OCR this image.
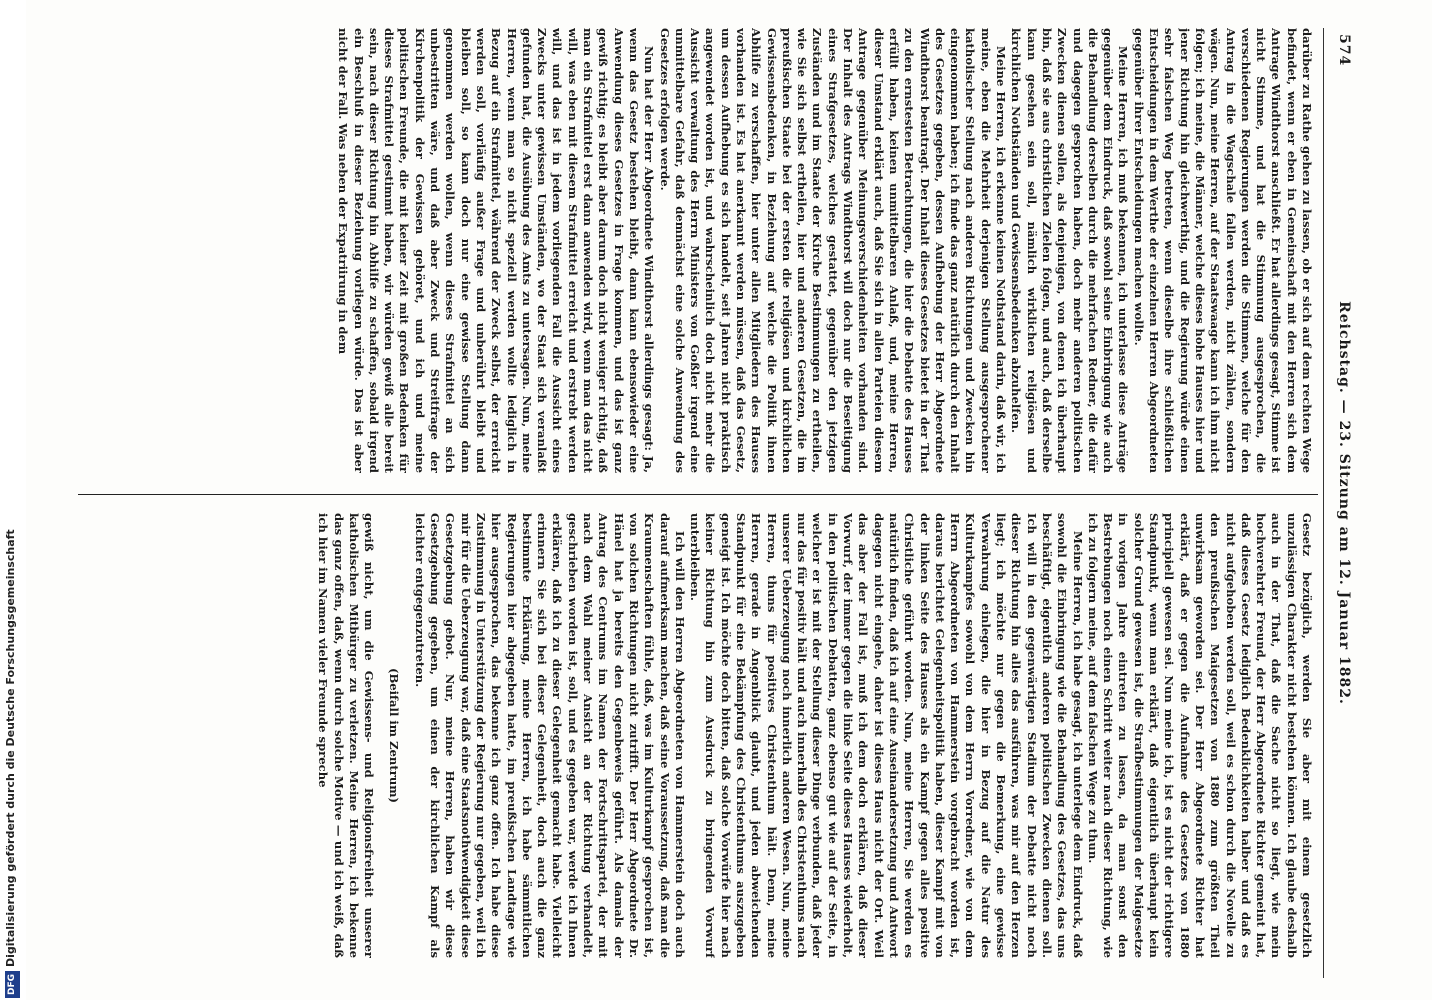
574
Reichstag. — 23. Sitzung am 12. Januar 1882.

darüber zu Rathe gehen zu lassen, ob er sich auf dem rechten Wege befindet, wenn er eben in Gemeinschaft mit den Herren sich dem Antrage Windthorst anschließt. Er hat allerdings gesagt, Stimme ist nicht Stimme, und hat die Stimmung ausgesprochen, die verschiedenen Regierungen werden die Stimmen, welche für den Antrag in die Wagschale fallen werden, nicht zählen, sondern wägen. Nun, meine Herren, auf der Staatswaage kann ich ihm nicht folgen; ich meine, die Männer, welche dieses hohe Hauses hier und jener Richtung hin gleichwerthig, und die Regierung würde einen sehr falschen Weg betreten, wenn dieselbe ihre schließlichen Entscheidungen in dem Werthe der einzelnen Herren Abgeordneten gegenüber ihrer Entscheidungen machen wollte.

Meine Herren, ich muß bekennen, ich unterlasse diese Anträge gegenüber dem Eindruck, daß sowohl seine Einbringung wie auch die Behandlung derselben durch die mehrfachen Redner, die dafür und dagegen gesprochen haben, doch mehr anderen politischen Zwecken dienen sollen, als denjenigen, von denen ich überhaupt bin, daß sie aus christlichen Zielen folgen, und auch, daß derselbe kann gesehen sein soll, nämlich wirklichen religiösen und kirchlichen Nothständen und Gewissensbedenken abzuhelfen.

Meine Herren, ich erkenne keinen Nothstand darin, daß wir, ich meine, eben die Mehrheit derjenigen Stellung ausgesprochener katholischer Stellung nach anderen Richtungen und Zwecken hin eingenommen haben; ich finde das ganz natürlich durch den Inhalt des Gesetzes gegeben, dessen Aufhebung der Herr Abgeordnete Windthorst beantragt. Der Inhalt dieses Gesetzes bietet in der That zu den ernstesten Betrachtungen, die hier die Debatte des Hauses erfüllt haben, keinen unmittelbaren Anlaß, und, meine Herren, dieser Umstand erklärt auch, daß Sie sich in allen Parteien diesem Antrage gegenüber Meinungsverschiedenheiten vorhanden sind. Der Inhalt des Antrags Windthorst will doch nur die Beseitigung eines Strafgesetzes, welches gestattet, gegenüber den jetzigen Zuständen und im Staate der Kirche Bestimmungen zu ertheilen, wie Sie sich selbst ertheilen, hier und anderen Gesetzen, die im preußischen Staate bei der ersten die religiösen und kirchlichen Gewissensbedenken, in Beziehung auf welche die Politik ihnen Abhilfe zu verschaffen, hier unter allen Mitgliedern des Hauses vorhanden ist. Es hat anerkannt werden müssen, daß das Gesetz, um dessen Aufhebung es sich handelt, seit Jahren nicht praktisch angewendet worden ist, und wahrscheinlich doch nicht mehr die Aussicht verwaltung des Herrn Ministers von Goßler irgend eine unmittelbare Gefahr, daß demnächst eine solche Anwendung des Gesetzes erfolgen werde.

Nun hat der Herr Abgeordnete Windthorst allerdings gesagt: Ja, wenn das Gesetz bestehen bleibt, dann kann ebensowieder eine Anwendung dieses Gesetzes in Frage kommen, und das ist ganz gewiß richtig; es bleibt aber darum doch nicht weniger richtig, daß man ein Strafmittel erst dann anwenden wird, wenn man das nicht will, was eben mit diesem Strafmittel erreicht und erstrebt werden will, und das ist in jedem vorliegenden Fall die Aussicht eines Zwecks unter gewissen Umständen, wo der Staat sich veranlaßt gefunden hat, die Ausübung des Amts zu untersagen. Nun, meine Herren, wenn man so nicht speziell werden wollte lediglich in Bezug auf ein Strafmittel, während der Zweck selbst, der erreicht werden soll, vorläufig außer Frage und unberührt bleibt und bleiben soll, so kann doch nur eine gewisse Stellung dann genommen werden wollen, wenn dieses Strafmittel an sich unbestritten wäre, und daß aber Zweck und Streitfrage der Kirchenpolitik der Gewissen gehöret, und ich und meine politischen Freunde, die mit keiner Zeit mit großen Bedenken für dieses Strafmittel gestimmt haben, wir würden gewiß alle bereit sein, nach dieser Richtung hin Abhilfe zu schaffen, sobald irgend ein Beschluß in dieser Beziehung vorliegen würde. Das ist aber nicht der Fall. Was neben der Expatriirung in dem

Gesetz bezüglich, werden Sie aber mit einem gesetzlich unzulässigen Charakter nicht bestehen können. Ich glaube deshalb auch in der That, daß die Sache nicht so liegt, wie mein hochverehrter Freund, der Herr Abgeordnete Richter gemeint hat, daß dieses Gesetz lediglich Bedenklichkeiten halber und daß es nicht aufgehoben werden soll, weil es schon durch die Novelle zu den preußischen Maigesetzen von 1880 zum größten Theil unwirksam geworden sei. Der Herr Abgeordnete Richter hat erklärt, daß er gegen die Aufnahme des Gesetzes von 1880 principiell gewesen sei. Nun meine ich, ist es nicht der richtigere Standpunkt, wenn man erklärt, daß eigentlich überhaupt kein solcher Grund gewesen ist, die Strafbestimmungen der Maigesetze in vorigen Jahre eintreten zu lassen, da man sonst den Bestrebungen noch einen Schritt weiter nach dieser Richtung, wie ich zu folgern meine, auf dem falschen Wege zu thun.

Meine Herren, ich habe gesagt, ich unterlege dem Eindruck, daß sowohl die Einbringung wie die Behandlung des Gesetzes, das uns beschäftigt, eigentlich anderen politischen Zwecken dienen soll. Ich will in den gegenwärtigen Stadium der Debatte nicht noch dieser Richtung hin alles das ausführen, was mir auf den Herzen liegt; ich möchte nur gegen die Bemerkung, eine gewisse Verwahrung einlegen, die hier in Bezug auf die Natur des Kulturkampfes sowohl von dem Herrn Vorredner, wie von dem Herrn Abgeordneten von Hammerstein vorgebracht worden ist, daraus berichtet Gelegenheitspolitik haben, dieser Kampf mit von der linken Seite des Hauses als ein Kampf gegen alles positive Christliche geführt worden. Nun, meine Herren, Sie werden es natürlich finden, daß ich auf eine Auseinandersetzung und Antwort dagegen nicht eingehe, daher ist dieses Haus nicht der Ort. Weil das aber der Fall ist, muß ich dem doch erklären, daß dieser Vorwurf, der immer gegen die linke Seite dieses Hauses wiederholt, in den politischen Debatten, ganz ebenso gut wie auf der Seite, in welcher er ist mit der Stellung dieser Dinge verbunden, daß jeder nur das für positiv hält und auch innerhalb des Christenthums nach unserer Ueberzeugung noch innerlich anderen Wesen. Nun, meine Herren, thuns für positives Christenthum hält. Denn, meine Herren, gerade in Angenblick glaubt, und jeden abweichenden Standpunkt für eine Bekämpfung des Christenthums auszugeben geneigt ist. Ich möchte doch bitten, daß solche Vorwürfe hier nach keiner Richtung hin zum Ausdruck zu bringenden Vorwurf unterbleiben.

Ich will den Herren Abgeordneten von Hammerstein doch auch darauf aufmerksam machen, daß seine Voraussetzung, daß man die Kraumenschaften fühle, daß, was im Kulturkampf gesprochen ist, von solchen Richtungen nicht zutrifft. Der Herr Abgeordnete Dr. Hänel hat ja bereits den Gegenbeweis geführt. Als damals der Antrag des Centrums im Namen der Fortschrittspartei, der mit nach dem Wahl meiner Ansicht an der Richtung verhandelt, geschrieben worden ist, soll, und es gegeben war, werde ich Ihnen erklären, daß ich zu dieser Gelegenheit gemacht habe. Vielleicht erinnern Sie sich bei dieser Gelegenheit, doch auch die ganz bestimmte Erklärung, meine Herren, ich habe sämmtlichen Regierungen hier abgegeben hatte, im preußischen Landtage wie hier ausgesprochen, das bekenne ich ganz offen. Ich habe diese Zustimmung in Unterstützung der Regierung nur gegeben, weil ich mir für die Ueberzeugung war, daß eine Staatsnothwendigkeit diese Gesetzgebung gebot. Nur, meine Herren, haben wir diese Gesetzgebung gegeben, um einen der kirchlichen Kampf als leichter entgegenzutreten.

(Beifall im Zentrum)

gewiß nicht, um die Gewissens- und Religionsfreiheit unserer katholischen Mitbürger zu verletzen. Meine Herren, ich bekenne das ganz offen, daß, wenn durch solche Motive — und ich weiß, daß ich hier im Namen vieler Freunde spreche

DFGDigitalisierung gefördert durch die Deutsche Forschungsgemeinschaft
